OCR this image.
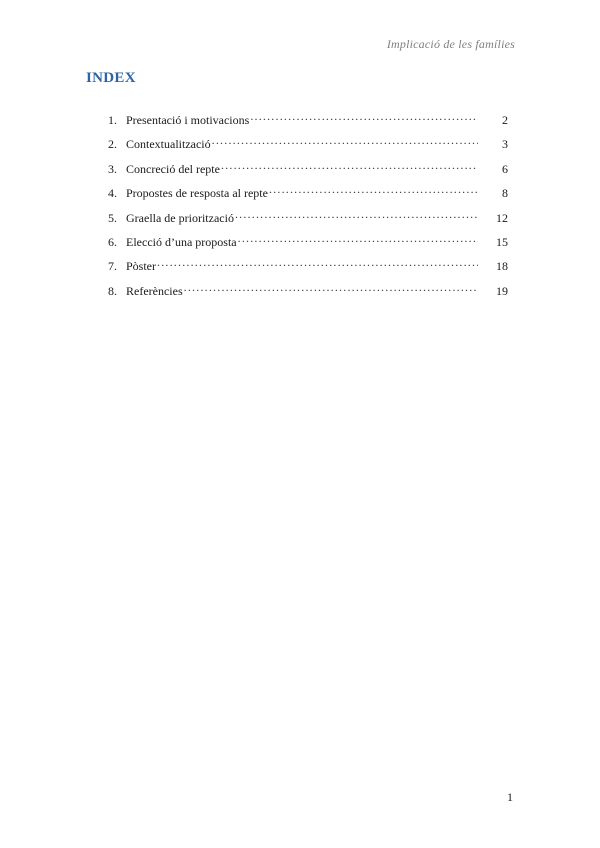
Implicació de les famílies
INDEX
1. Presentació i motivacions .....	2
2. Contextualització .....	3
3. Concreció del repte .....	6
4. Propostes de resposta al repte .....	8
5. Graella de priorització .....	12
6. Elecció d’una proposta .....	15
7. Pòster .....	18
8. Referències .....	19
1
